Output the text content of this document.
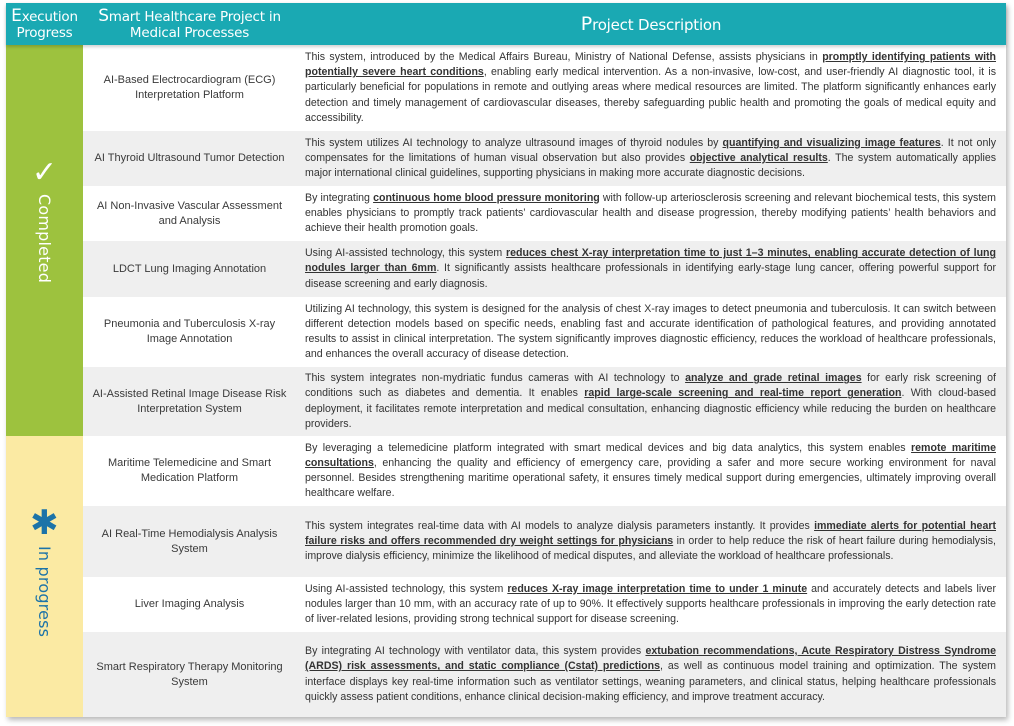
Execution
Progress
Smart Healthcare Project in
Medical Processes	Project Description
✓
Completed
✱
In progress
AI-Based Electrocardiogram (ECG) Interpretation Platform

This system, introduced by the Medical Affairs Bureau, Ministry of National Defense, assists physicians in promptly identifying patients with potentially severe heart conditions, enabling early medical intervention. As a non-invasive, low-cost, and user-friendly AI diagnostic tool, it is particularly beneficial for populations in remote and outlying areas where medical resources are limited. The platform significantly enhances early detection and timely management of cardiovascular diseases, thereby safeguarding public health and promoting the goals of medical equity and accessibility.

AI Thyroid Ultrasound Tumor Detection

This system utilizes AI technology to analyze ultrasound images of thyroid nodules by quantifying and visualizing image features. It not only compensates for the limitations of human visual observation but also provides objective analytical results. The system automatically applies major international clinical guidelines, supporting physicians in making more accurate diagnostic decisions.

AI Non-Invasive Vascular Assessment and Analysis

By integrating continuous home blood pressure monitoring with follow-up arteriosclerosis screening and relevant biochemical tests, this system enables physicians to promptly track patients’ cardiovascular health and disease progression, thereby modifying patients’ health behaviors and achieve their health promotion goals.

LDCT Lung Imaging Annotation

Using AI-assisted technology, this system reduces chest X-ray interpretation time to just 1–3 minutes, enabling accurate detection of lung nodules larger than 6mm. It significantly assists healthcare professionals in identifying early-stage lung cancer, offering powerful support for disease screening and early diagnosis.

Pneumonia and Tuberculosis X-ray Image Annotation

Utilizing AI technology, this system is designed for the analysis of chest X-ray images to detect pneumonia and tuberculosis. It can switch between different detection models based on specific needs, enabling fast and accurate identification of pathological features, and providing annotated results to assist in clinical interpretation. The system significantly improves diagnostic efficiency, reduces the workload of healthcare professionals, and enhances the overall accuracy of disease detection.

AI-Assisted Retinal Image Disease Risk Interpretation System

This system integrates non-mydriatic fundus cameras with AI technology to analyze and grade retinal images for early risk screening of conditions such as diabetes and dementia. It enables rapid large-scale screening and real-time report generation. With cloud-based deployment, it facilitates remote interpretation and medical consultation, enhancing diagnostic efficiency while reducing the burden on healthcare providers.

Maritime Telemedicine and Smart Medication Platform

By leveraging a telemedicine platform integrated with smart medical devices and big data analytics, this system enables remote maritime consultations, enhancing the quality and efficiency of emergency care, providing a safer and more secure working environment for naval personnel. Besides strengthening maritime operational safety, it ensures timely medical support during emergencies, ultimately improving overall healthcare welfare.

AI Real-Time Hemodialysis Analysis System

This system integrates real-time data with AI models to analyze dialysis parameters instantly. It provides immediate alerts for potential heart failure risks and offers recommended dry weight settings for physicians in order to help reduce the risk of heart failure during hemodialysis, improve dialysis efficiency, minimize the likelihood of medical disputes, and alleviate the workload of healthcare professionals.

Liver Imaging Analysis

Using AI-assisted technology, this system reduces X-ray image interpretation time to under 1 minute and accurately detects and labels liver nodules larger than 10 mm, with an accuracy rate of up to 90%. It effectively supports healthcare professionals in improving the early detection rate of liver-related lesions, providing strong technical support for disease screening.

Smart Respiratory Therapy Monitoring System

By integrating AI technology with ventilator data, this system provides extubation recommendations, Acute Respiratory Distress Syndrome (ARDS) risk assessments, and static compliance (Cstat) predictions, as well as continuous model training and optimization. The system interface displays key real-time information such as ventilator settings, weaning parameters, and clinical status, helping healthcare professionals quickly assess patient conditions, enhance clinical decision-making efficiency, and improve treatment accuracy.
